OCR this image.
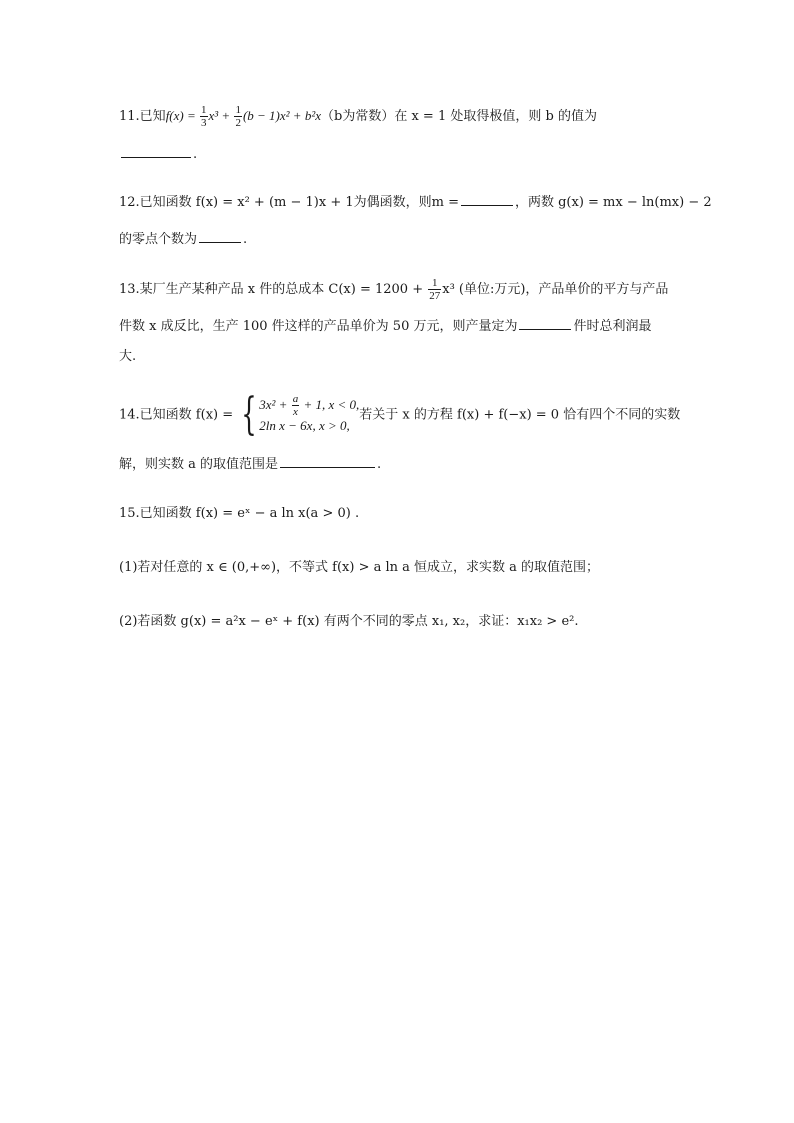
11.已知$f(x) = \frac{1}{3} x^3 + \frac{1}{2} (b - 1)x^2 + b^2x(b$为常数）在 x = 1 处取得极值，则 b 的值为
.
12.已知函数 f(x) = x² + (m − 1)x + 1为偶函数，则m =	，两数 g(x) = mx − ln(mx) − 2
的零点个数为	.
13.某厂生产某种产品 x 件的总成本 $C(x) = 1200 + \frac{1}{27} x^3$ (单位:万元)，产品单价的平方与产品
件数 x 成反比，生产 100 件这样的产品单价为 50 万元，则产量定为	件时总利润最
大.
14.已知函数 f(x) = { $3x^2 + \frac{a}{x} + 1$, x < 0,
2ln x − 6x, x > 0,
若关于 x 的方程 f(x) + f(−x) = 0 恰有四个不同的实数
解，则实数 a 的取值范围是	.
15.已知函数 f(x) = eˣ − a ln x(a > 0) .
(1)若对任意的 x ∈ (0,+∞)，不等式 f(x) > a ln a 恒成立，求实数 a 的取值范围；
(2)若函数 g(x) = a²x − eˣ + f(x) 有两个不同的零点 x₁, x₂，求证：x₁x₂ > e².
